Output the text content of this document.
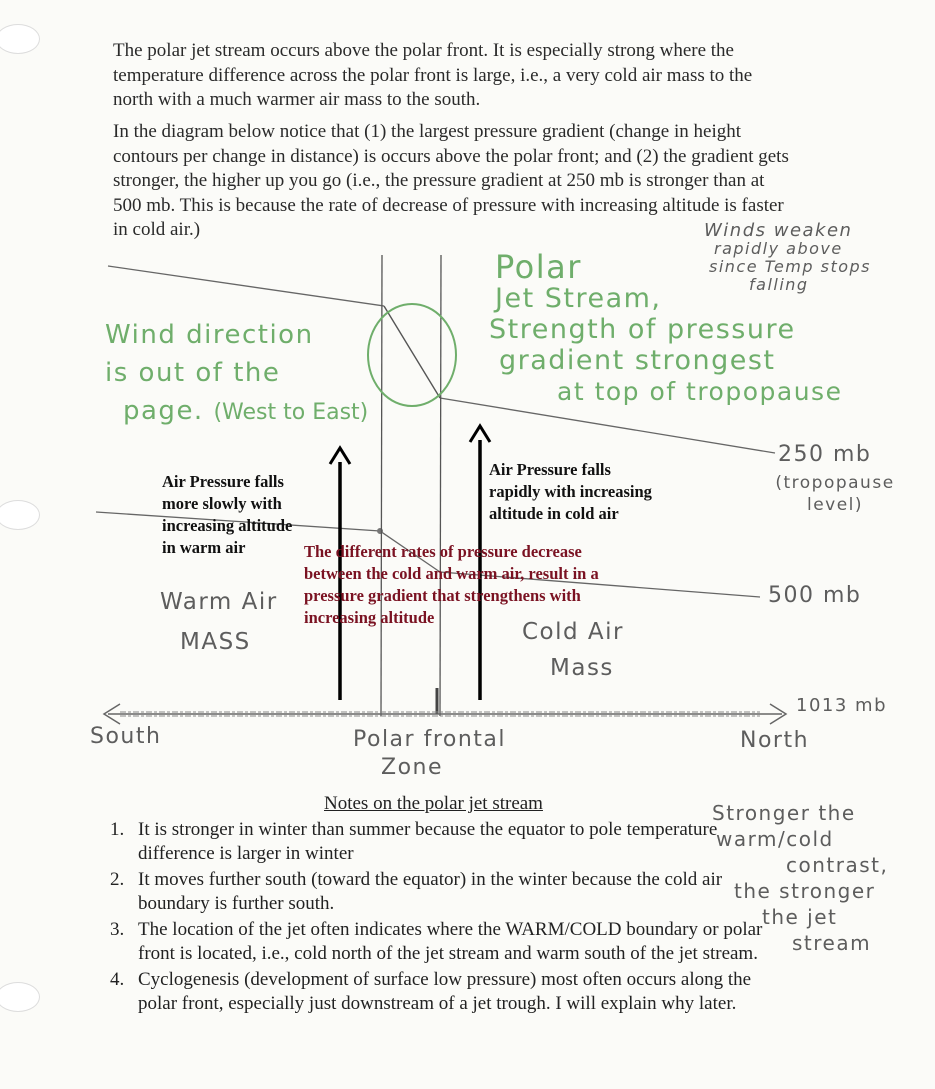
The polar jet stream occurs above the polar front. It is especially strong where the temperature difference across the polar front is large, i.e., a very cold air mass to the north with a much warmer air mass to the south.

In the diagram below notice that (1) the largest pressure gradient (change in height contours per change in distance) is occurs above the polar front; and (2) the gradient gets stronger, the higher up you go (i.e., the pressure gradient at 250 mb is stronger than at 500 mb. This is because the rate of decrease of pressure with increasing altitude is faster in cold air.)	Winds weaken
rapidly above
since Temp stops
falling
Polar
Jet Stream,
Strength of pressure
gradient strongest
at top of tropopause
Wind direction
is out of the
page. (West to East)
250 mb
(tropopause
level)
500 mb
1013 mb
Warm Air
MASS	Cold Air
Mass
South	North
Polar frontal
Zone
Air Pressure falls
more slowly with
increasing altitude
in warm air
Air Pressure falls
rapidly with increasing
altitude in cold air
The different rates of pressure decrease
between the cold and warm air, result in a
pressure gradient that strengthens with
increasing altitude
Notes on the polar jet stream
1. It is stronger in winter than summer because the equator to pole temperature difference is larger in winter
2. It moves further south (toward the equator) in the winter because the cold air boundary is further south.
3. The location of the jet often indicates where the WARM/COLD boundary or polar front is located, i.e., cold north of the jet stream and warm south of the jet stream.
4. Cyclogenesis (development of surface low pressure) most often occurs along the polar front, especially just downstream of a jet trough. I will explain why later.
Stronger the
warm/cold
contrast,
the stronger
the jet
stream
